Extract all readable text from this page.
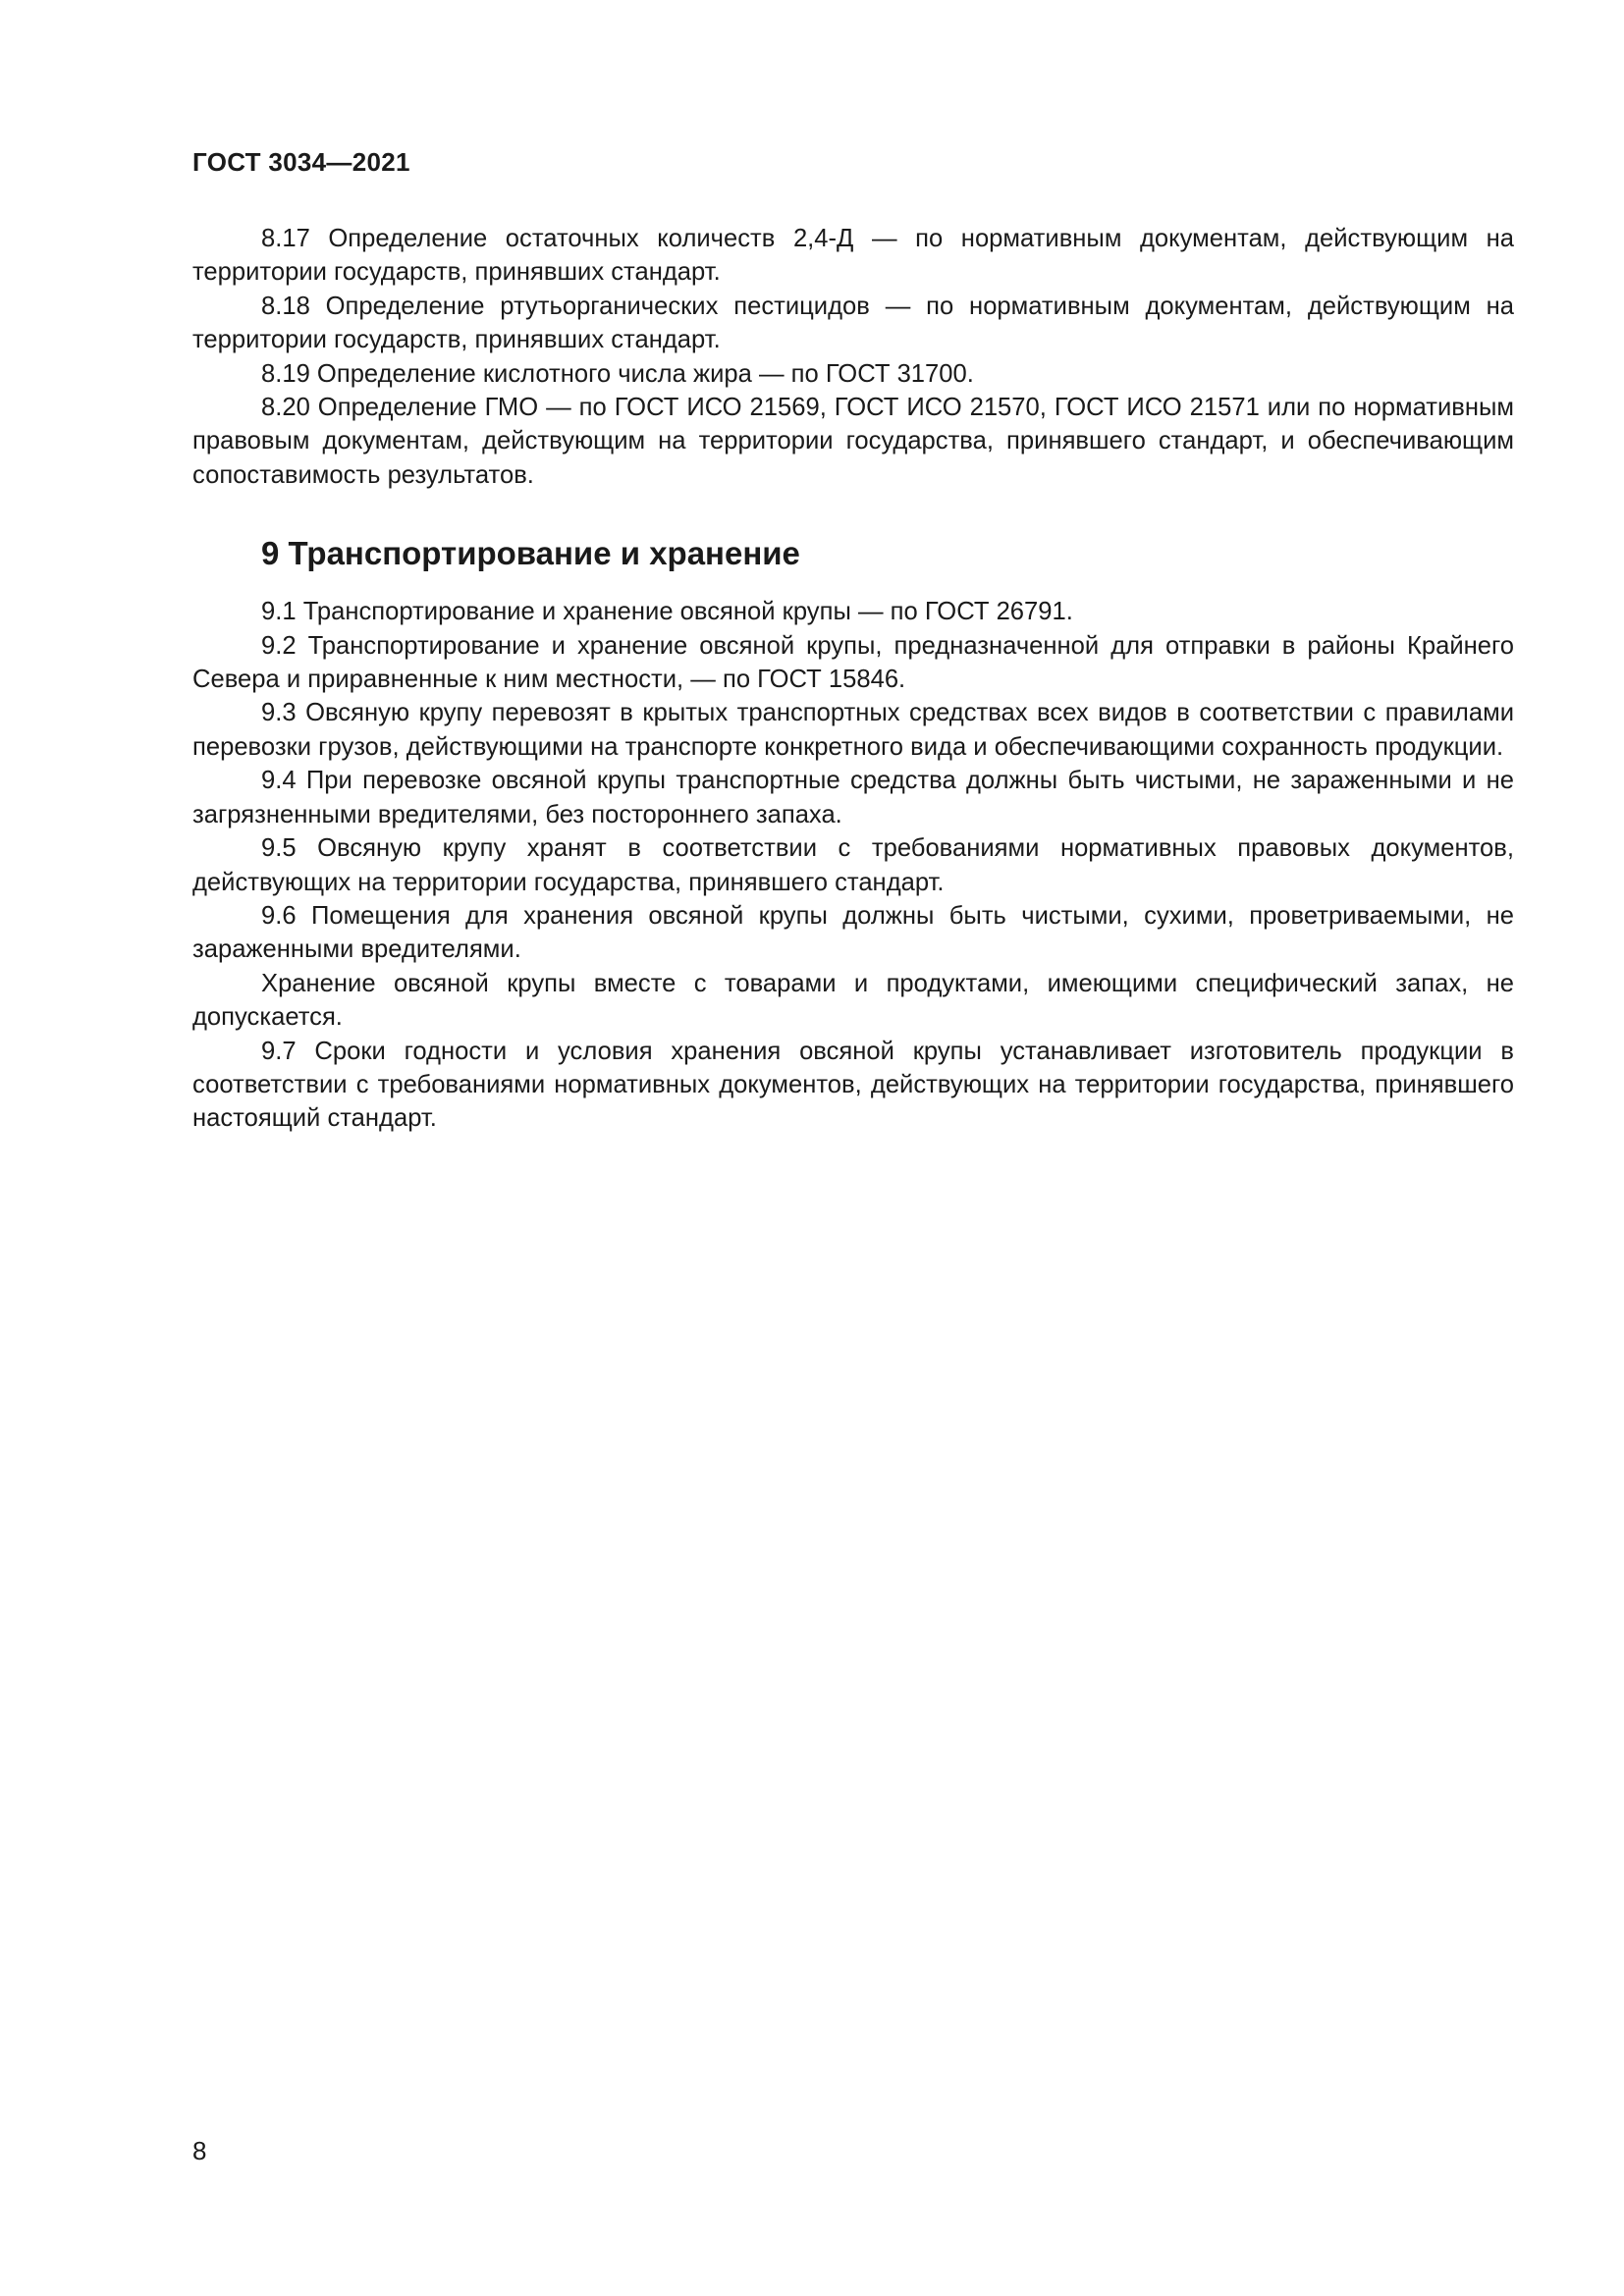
ГОСТ 3034—2021

8.17 Определение остаточных количеств 2,4-Д — по нормативным документам, действующим на территории государств, принявших стандарт.

8.18 Определение ртутьорганических пестицидов — по нормативным документам, действующим на территории государств, принявших стандарт.

8.19 Определение кислотного числа жира — по ГОСТ 31700.

8.20 Определение ГМО — по ГОСТ ИСО 21569, ГОСТ ИСО 21570, ГОСТ ИСО 21571 или по нормативным правовым документам, действующим на территории государства, принявшего стандарт, и обеспечивающим сопоставимость результатов.

9 Транспортирование и хранение

9.1 Транспортирование и хранение овсяной крупы — по ГОСТ 26791.

9.2 Транспортирование и хранение овсяной крупы, предназначенной для отправки в районы Крайнего Севера и приравненные к ним местности, — по ГОСТ 15846.

9.3 Овсяную крупу перевозят в крытых транспортных средствах всех видов в соответствии с правилами перевозки грузов, действующими на транспорте конкретного вида и обеспечивающими сохранность продукции.

9.4 При перевозке овсяной крупы транспортные средства должны быть чистыми, не зараженными и не загрязненными вредителями, без постороннего запаха.

9.5 Овсяную крупу хранят в соответствии с требованиями нормативных правовых документов, действующих на территории государства, принявшего стандарт.

9.6 Помещения для хранения овсяной крупы должны быть чистыми, сухими, проветриваемыми, не зараженными вредителями.

Хранение овсяной крупы вместе с товарами и продуктами, имеющими специфический запах, не допускается.

9.7 Сроки годности и условия хранения овсяной крупы устанавливает изготовитель продукции в соответствии с требованиями нормативных документов, действующих на территории государства, принявшего настоящий стандарт.

8
